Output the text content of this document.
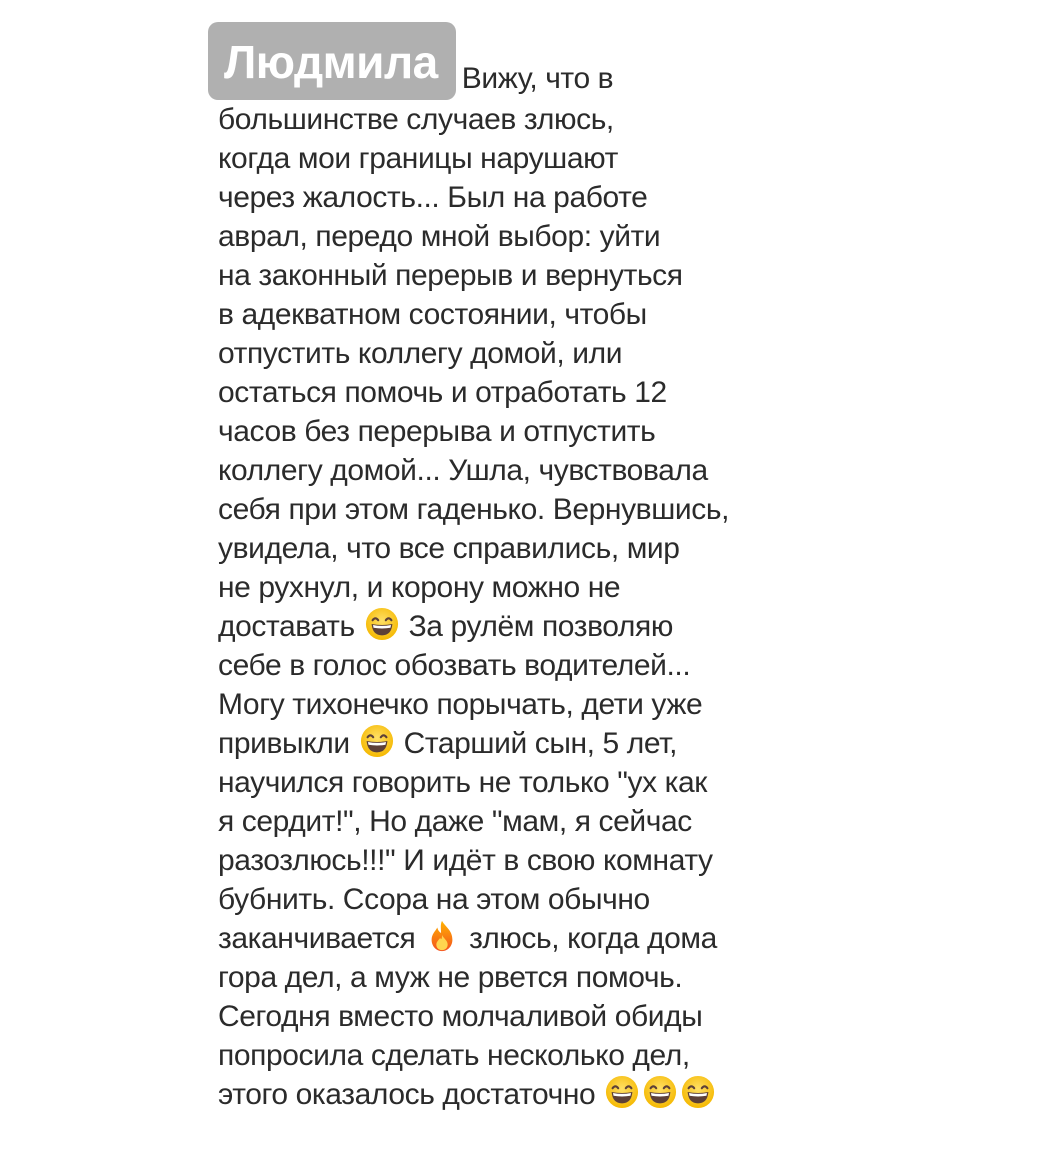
Людмила Вижу, что в
большинстве случаев злюсь,
когда мои границы нарушают
через жалость... Был на работе
аврал, передо мной выбор: уйти
на законный перерыв и вернуться
в адекватном состоянии, чтобы
отпустить коллегу домой, или
остаться помочь и отработать 12
часов без перерыва и отпустить
коллегу домой... Ушла, чувствовала
себя при этом гаденько. Вернувшись,
увидела, что все справились, мир
не рухнул, и корону можно не
доставать За рулём позволяю
себе в голос обозвать водителей...
Могу тихонечко порычать, дети уже
привыкли Старший сын, 5 лет,
научился говорить не только "ух как
я сердит!", Но даже "мам, я сейчас
разозлюсь!!!" И идёт в свою комнату
бубнить. Ссора на этом обычно
заканчивается злюсь, когда дома
гора дел, а муж не рвется помочь.
Сегодня вместо молчаливой обиды
попросила сделать несколько дел,
этого оказалось достаточно
